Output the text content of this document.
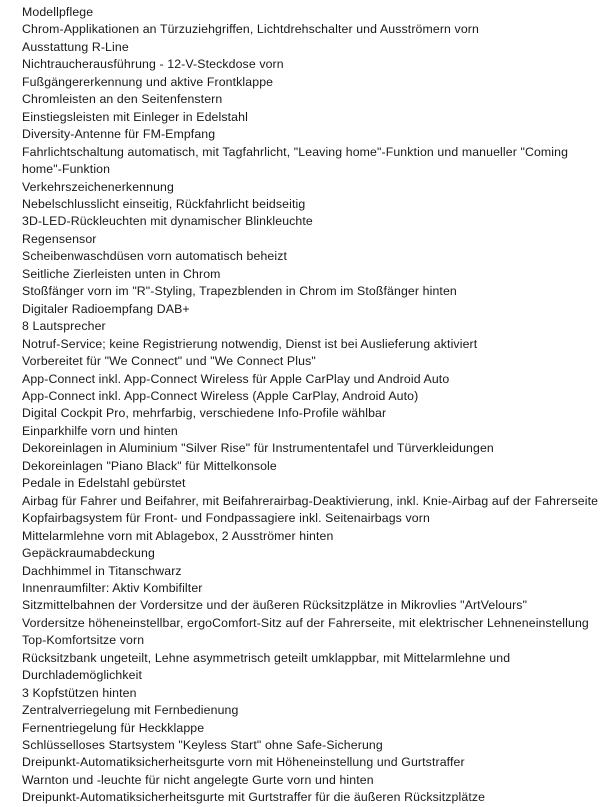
Modellpflege
Chrom-Applikationen an Türzuziehgriffen, Lichtdrehschalter und Ausströmern vorn
Ausstattung R-Line
Nichtraucherausführung - 12-V-Steckdose vorn
Fußgängererkennung und aktive Frontklappe
Chromleisten an den Seitenfenstern
Einstiegsleisten mit Einleger in Edelstahl
Diversity-Antenne für FM-Empfang
Fahrlichtschaltung automatisch, mit Tagfahrlicht, "Leaving home"-Funktion und manueller "Coming home"-Funktion
Verkehrszeichenerkennung
Nebelschlusslicht einseitig, Rückfahrlicht beidseitig
3D-LED-Rückleuchten mit dynamischer Blinkleuchte
Regensensor
Scheibenwaschdüsen vorn automatisch beheizt
Seitliche Zierleisten unten in Chrom
Stoßfänger vorn im "R"-Styling, Trapezblenden in Chrom im Stoßfänger hinten
Digitaler Radioempfang DAB+
8 Lautsprecher
Notruf-Service; keine Registrierung notwendig, Dienst ist bei Auslieferung aktiviert
Vorbereitet für "We Connect" und "We Connect Plus"
App-Connect inkl. App-Connect Wireless für Apple CarPlay und Android Auto
App-Connect inkl. App-Connect Wireless (Apple CarPlay, Android Auto)
Digital Cockpit Pro, mehrfarbig, verschiedene Info-Profile wählbar
Einparkhilfe vorn und hinten
Dekoreinlagen in Aluminium "Silver Rise" für Instrumententafel und Türverkleidungen
Dekoreinlagen "Piano Black" für Mittelkonsole
Pedale in Edelstahl gebürstet
Airbag für Fahrer und Beifahrer, mit Beifahrerairbag-Deaktivierung, inkl. Knie-Airbag auf der Fahrerseite
Kopfairbagsystem für Front- und Fondpassagiere inkl. Seitenairbags vorn
Mittelarmlehne vorn mit Ablagebox, 2 Ausströmer hinten
Gepäckraumabdeckung
Dachhimmel in Titanschwarz
Innenraumfilter: Aktiv Kombifilter
Sitzmittelbahnen der Vordersitze und der äußeren Rücksitzplätze in Mikrovlies "ArtVelours"
Vordersitze höheneinstellbar, ergoComfort-Sitz auf der Fahrerseite, mit elektrischer Lehneneinstellung
Top-Komfortsitze vorn
Rücksitzbank ungeteilt, Lehne asymmetrisch geteilt umklappbar, mit Mittelarmlehne und Durchlademöglichkeit
3 Kopfstützen hinten
Zentralverriegelung mit Fernbedienung
Fernentriegelung für Heckklappe
Schlüsselloses Startsystem "Keyless Start" ohne Safe-Sicherung
Dreipunkt-Automatiksicherheitsgurte vorn mit Höheneinstellung und Gurtstraffer
Warnton und -leuchte für nicht angelegte Gurte vorn und hinten
Dreipunkt-Automatiksicherheitsgurte mit Gurtstraffer für die äußeren Rücksitzplätze
